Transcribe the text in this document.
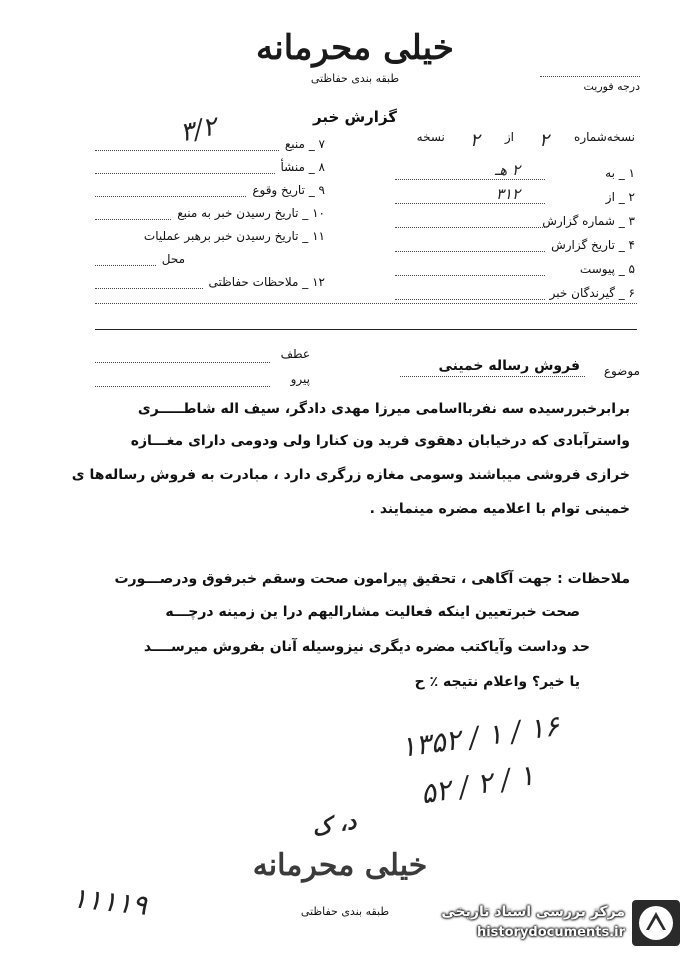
خیلی محرمانه
طبقه بندی حفاظتی
درجه فوریت
گزارش خبر
۳/۲	نسخه‌شماره
۲
از
۲
نسخه
۱ _ به
۲ هـ
۲ _ از
۳۱۲
۳ _ شماره گزارش
۴ _ تاریخ گزارش
۵ _ پیوست
۶ _ گیرندگان خبر
۷ _ منبع
۸ _ منشأ
۹ _ تاریخ وقوع
۱۰ _ تاریخ رسیدن خبر به منبع
۱۱ _ تاریخ رسیدن خبر برهبر عملیات
محل
۱۲ _ ملاحظات حفاظتی
موضوع
فروش رساله خمینی
عطف
پیرو
برابرخبررسیده سه نفربااسامی میرزا مهدی دادگر، سیف اله شاطـــــری
واسترآبادی که درخیابان دهقوی فرید ون کنارا ولی ودومی دارای مغـــازه
خرازی فروشی میباشند وسومی مغازه زرگری دارد ، مبادرت به فروش رساله‌ها ی
خمینی توام با اعلامیه مضره مینمایند .
ملاحظات : جهت آگاهی ، تحقیق پیرامون صحت وسقم خبرفوق ودرصـــورت
صحت خبرتعیین اینکه فعالیت مشارالیهم درا ین زمینه درچـــه
حد وداست وآیاکتب مضره دیگری نیزوسیله آنان بفروش میرســــد
یا خیر؟ واعلام نتیجه ٪ ح
۱۳۵۲ / ۱ / ۱۶
۵۲ / ۲ / ۱
د، ک
خیلی محرمانه
طبقه بندی حفاظتی
۱۱۱۱۹	مرکز بررسی اسناد تاریخی
historydocuments.ir
